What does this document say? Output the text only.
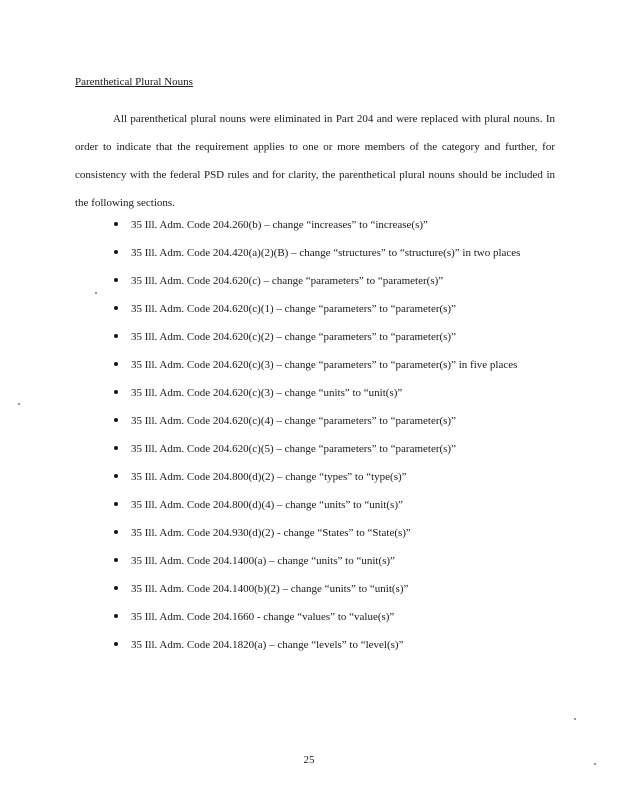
Parenthetical Plural Nouns

All parenthetical plural nouns were eliminated in Part 204 and were replaced with plural nouns. In order to indicate that the requirement applies to one or more members of the category and further, for consistency with the federal PSD rules and for clarity, the parenthetical plural nouns should be included in the following sections.

35 Ill. Adm. Code 204.260(b) – change “increases” to “increase(s)”
35 Ill. Adm. Code 204.420(a)(2)(B) – change “structures” to “structure(s)” in two places
35 Ill. Adm. Code 204.620(c) – change “parameters” to “parameter(s)”
35 Ill. Adm. Code 204.620(c)(1) – change “parameters” to “parameter(s)”
35 Ill. Adm. Code 204.620(c)(2) – change “parameters” to “parameter(s)”
35 Ill. Adm. Code 204.620(c)(3) – change “parameters” to “parameter(s)” in five places
35 Ill. Adm. Code 204.620(c)(3) – change “units” to “unit(s)”
35 Ill. Adm. Code 204.620(c)(4) – change “parameters” to “parameter(s)”
35 Ill. Adm. Code 204.620(c)(5) – change “parameters” to “parameter(s)”
35 Ill. Adm. Code 204.800(d)(2) – change “types” to “type(s)”
35 Ill. Adm. Code 204.800(d)(4) – change “units” to “unit(s)”
35 Ill. Adm. Code 204.930(d)(2) - change “States” to “State(s)”
35 Ill. Adm. Code 204.1400(a) – change “units” to “unit(s)”
35 Ill. Adm. Code 204.1400(b)(2) – change “units” to “unit(s)”
35 Ill. Adm. Code 204.1660 - change “values” to “value(s)”
35 Ill. Adm. Code 204.1820(a) – change “levels” to “level(s)”
25
